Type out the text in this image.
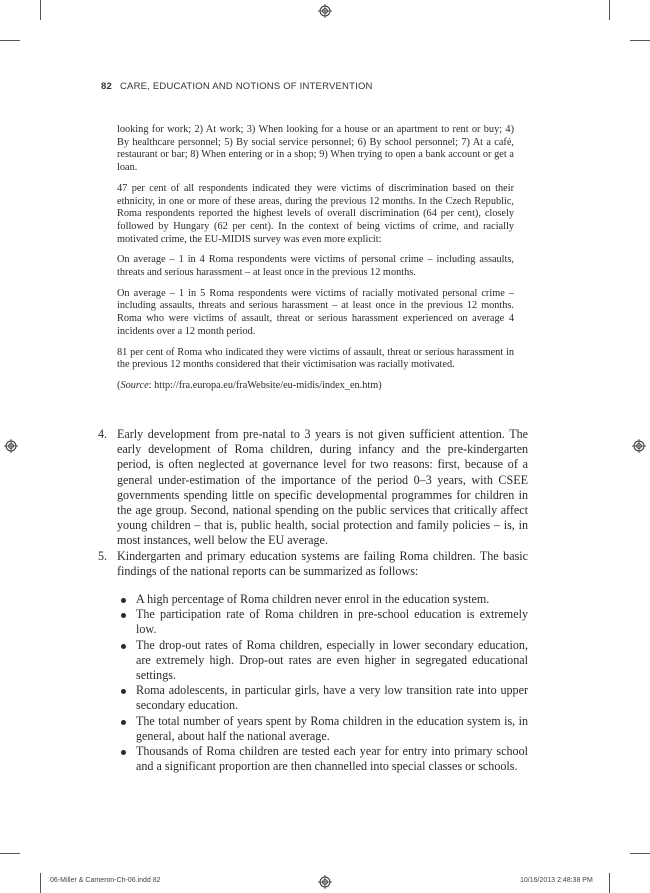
82 CARE, EDUCATION AND NOTIONS OF INTERVENTION

looking for work; 2) At work; 3) When looking for a house or an apartment to rent or buy; 4) By healthcare personnel; 5) By social service personnel; 6) By school personnel; 7) At a café, restaurant or bar; 8) When entering or in a shop; 9) When trying to open a bank account or get a loan.

47 per cent of all respondents indicated they were victims of discrimination based on their ethnicity, in one or more of these areas, during the previous 12 months. In the Czech Republic, Roma respondents reported the highest levels of overall discrimination (64 per cent), closely followed by Hungary (62 per cent). In the context of being victims of crime, and racially motivated crime, the EU-MIDIS survey was even more explicit:

On average – 1 in 4 Roma respondents were victims of personal crime – including assaults, threats and serious harassment – at least once in the previous 12 months.

On average – 1 in 5 Roma respondents were victims of racially motivated personal crime – including assaults, threats and serious harassment – at least once in the previous 12 months. Roma who were victims of assault, threat or serious harassment experienced on average 4 incidents over a 12 month period.

81 per cent of Roma who indicated they were victims of assault, threat or serious harassment in the previous 12 months considered that their victimisation was racially motivated.

(Source: http://fra.europa.eu/fraWebsite/eu-midis/index_en.htm)

4. Early development from pre-natal to 3 years is not given sufficient attention. The early development of Roma children, during infancy and the pre-kindergarten period, is often neglected at governance level for two reasons: first, because of a general under-estimation of the importance of the period 0–3 years, with CSEE governments spending little on specific developmental programmes for children in the age group. Second, national spending on the public services that critically affect young children – that is, public health, social protection and family policies – is, in most instances, well below the EU average.
5. Kindergarten and primary education systems are failing Roma children. The basic findings of the national reports can be summarized as follows:
A high percentage of Roma children never enrol in the education system.
The participation rate of Roma children in pre-school education is extremely low.
The drop-out rates of Roma children, especially in lower secondary education, are extremely high. Drop-out rates are even higher in segregated educational settings.
Roma adolescents, in particular girls, have a very low transition rate into upper secondary education.
The total number of years spent by Roma children in the education system is, in general, about half the national average.
Thousands of Roma children are tested each year for entry into primary school and a significant proportion are then channelled into special classes or schools.
06-Miller & Cameron-Ch-06.indd 82	10/16/2013 2:48:38 PM
